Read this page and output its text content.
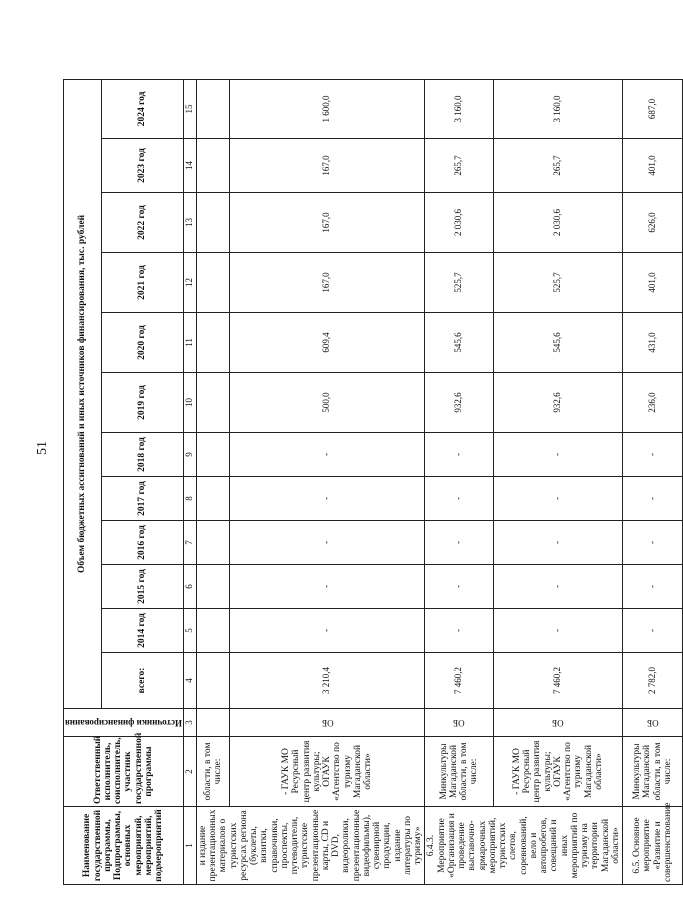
51
Наименование государственной программы, Подпрограммы, основных мероприятий, мероприятий, подмероприятий	Ответственный исполнитель, соисполнитель, участник государственной программы	Источники финансирования	Объем бюджетных ассигнований и иных источников финансирования, тыс. рублей											
			всего:	2014 год	2015 год	2016 год	2017 год	2018 год	2019 год	2020 год	2021 год	2022 год	2023 год	2024 год
1	2	3	4	5	6	7	8	9	10	11	12	13	14	15
и издание презентационных материалов о туристских ресурсах региона (буклеты, визитки, справочники, проспекты, путеводители, туристские презентационные карты, CD и DVD, видеоролики, презентационные видеофильмы), сувенирной продукции, издание литературы по туризму»	области, в том числе:													
	- ГАУК МО Ресурсный центр развития культуры; ОГАУК «Агентство по туризму Магаданской области»	ОБ	3 210,4	-	-	-	-	-	500,0	609,4	167,0	167,0	167,0	1 600,0
6.4.3. Мероприятие «Организация и проведение выставочно-ярмарочных мероприятий, туристских слетов, соревнований, вело и автопробегов, совещаний и иных мероприятий по туризму на территории Магаданской области»	Минкультуры Магаданской области, в том числе:	ОБ	7 460,2	-	-	-	-	-	932,6	545,6	525,7	2 030,6	265,7	3 160,0
	- ГАУК МО Ресурсный центр развития культуры; ОГАУК «Агентство по туризму Магаданской области»	ОБ	7 460,2	-	-	-	-	-	932,6	545,6	525,7	2 030,6	265,7	3 160,0
6.5. Основное мероприятие «Развитие и совершенствование	Минкультуры Магаданской области, в том числе:	ОБ	2 782,0	-	-	-	-	-	236,0	431,0	401,0	626,0	401,0	687,0
